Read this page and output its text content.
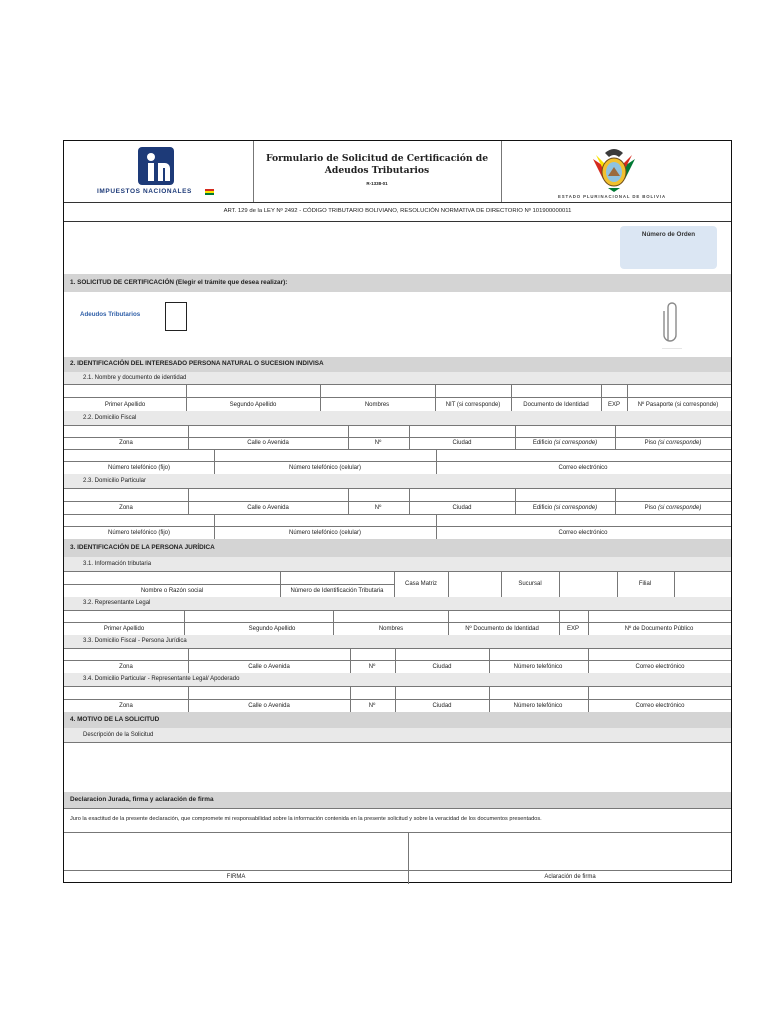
IMPUESTOS NACIONALES
Formulario de Solicitud de Certificación de
Adeudos Tributarios
R-1338-01
ESTADO PLURINACIONAL DE BOLIVIA
ART. 129 de la LEY Nº 2492 - CÓDIGO TRIBUTARIO BOLIVIANO, RESOLUCIÓN NORMATIVA DE DIRECTORIO Nº 101900000011
Número de Orden
1. SOLICITUD DE CERTIFICACIÓN (Elegir el trámite que desea realizar):
Adeudos Tributarios
2. IDENTIFICACIÓN DEL INTERESADO PERSONA NATURAL O SUCESION INDIVISA
2.1. Nombre y documento de identidad
Primer Apellido	Segundo Apellido	Nombres	NIT (si corresponde)	Documento de Identidad	EXP	Nº Pasaporte (si corresponde)
2.2. Domicilio Fiscal
Zona	Calle o Avenida	Nº	Ciudad	Edificio (si corresponde)	Piso (si corresponde)
Número telefónico (fijo)	Número telefónico (celular)	Correo electrónico
2.3. Domicilio Particular
Zona	Calle o Avenida	Nº	Ciudad	Edificio (si corresponde)	Piso (si corresponde)
Número telefónico (fijo)	Número telefónico (celular)	Correo electrónico
3. IDENTIFICACIÓN DE LA PERSONA JURÍDICA
3.1. Información tributaria
Nombre o Razón social	Número de Identificación Tributaria
Casa Matriz	Sucursal	Filial
3.2. Representante Legal
Primer Apellido	Segundo Apellido	Nombres	Nº Documento de Identidad	EXP	Nº de Documento Público
3.3. Domicilio Fiscal - Persona Jurídica
Zona	Calle o Avenida	Nº	Ciudad	Número telefónico	Correo electrónico
3.4. Domicilio Particular - Representante Legal/ Apoderado
Zona	Calle o Avenida	Nº	Ciudad	Número telefónico	Correo electrónico
4. MOTIVO DE LA SOLICITUD
Descripción de la Solicitud
Declaracion Jurada, firma y aclaración de firma
Juro la exactitud de la presente declaración, que compromete mi responsabilidad sobre la información contenida en la presente solicitud y sobre la veracidad de los documentos presentados.
FIRMA	Aclaración de firma
